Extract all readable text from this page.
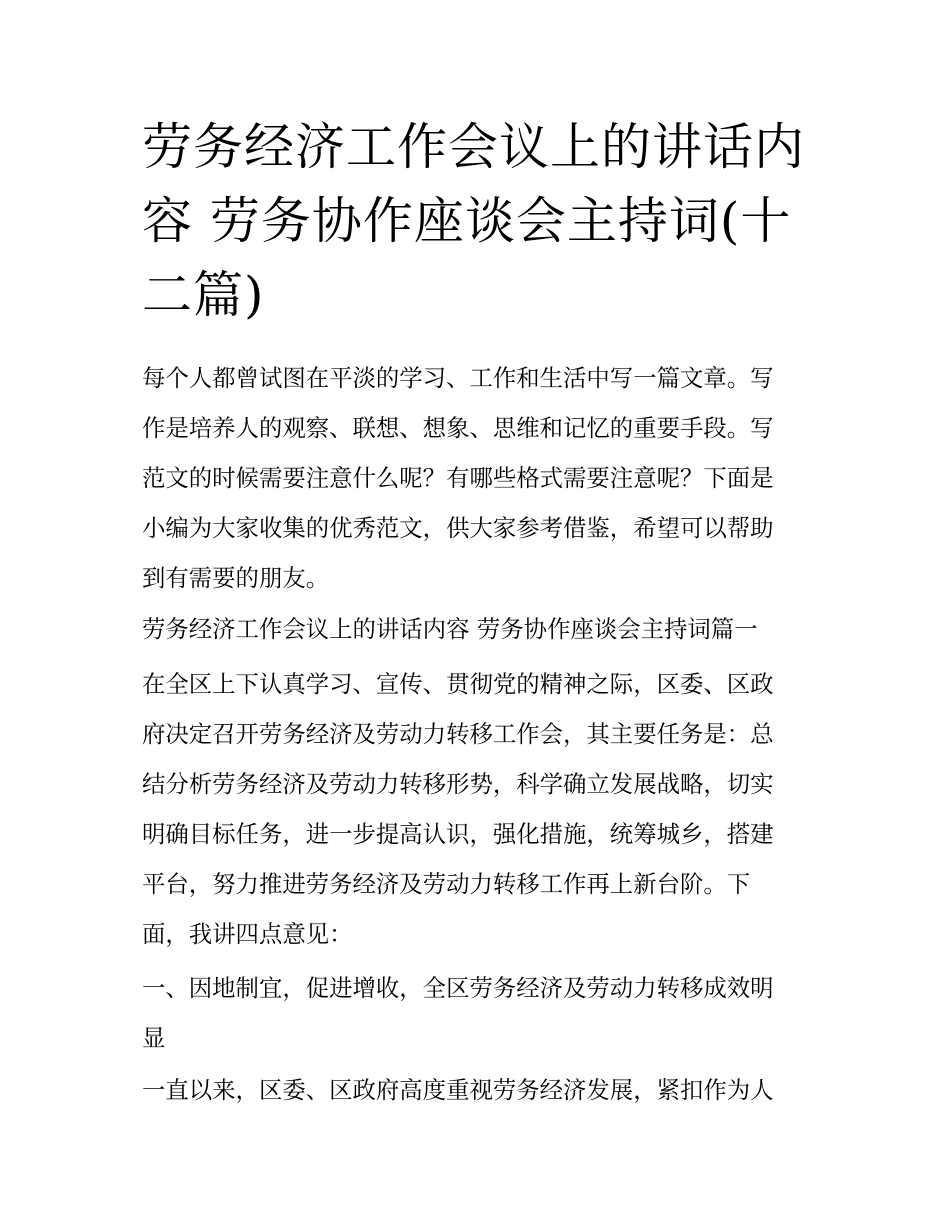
劳务经济工作会议上的讲话内
容 劳务协作座谈会主持词(十
二篇)

每个人都曾试图在平淡的学习、工作和生活中写一篇文章。写
作是培养人的观察、联想、想象、思维和记忆的重要手段。写
范文的时候需要注意什么呢？有哪些格式需要注意呢？下面是
小编为大家收集的优秀范文，供大家参考借鉴，希望可以帮助
到有需要的朋友。

劳务经济工作会议上的讲话内容 劳务协作座谈会主持词篇一

在全区上下认真学习、宣传、贯彻党的精神之际，区委、区政
府决定召开劳务经济及劳动力转移工作会，其主要任务是：总
结分析劳务经济及劳动力转移形势，科学确立发展战略，切实
明确目标任务，进一步提高认识，强化措施，统筹城乡，搭建
平台，努力推进劳务经济及劳动力转移工作再上新台阶。下
面，我讲四点意见：

一、因地制宜，促进增收，全区劳务经济及劳动力转移成效明
显

一直以来，区委、区政府高度重视劳务经济发展，紧扣作为人
